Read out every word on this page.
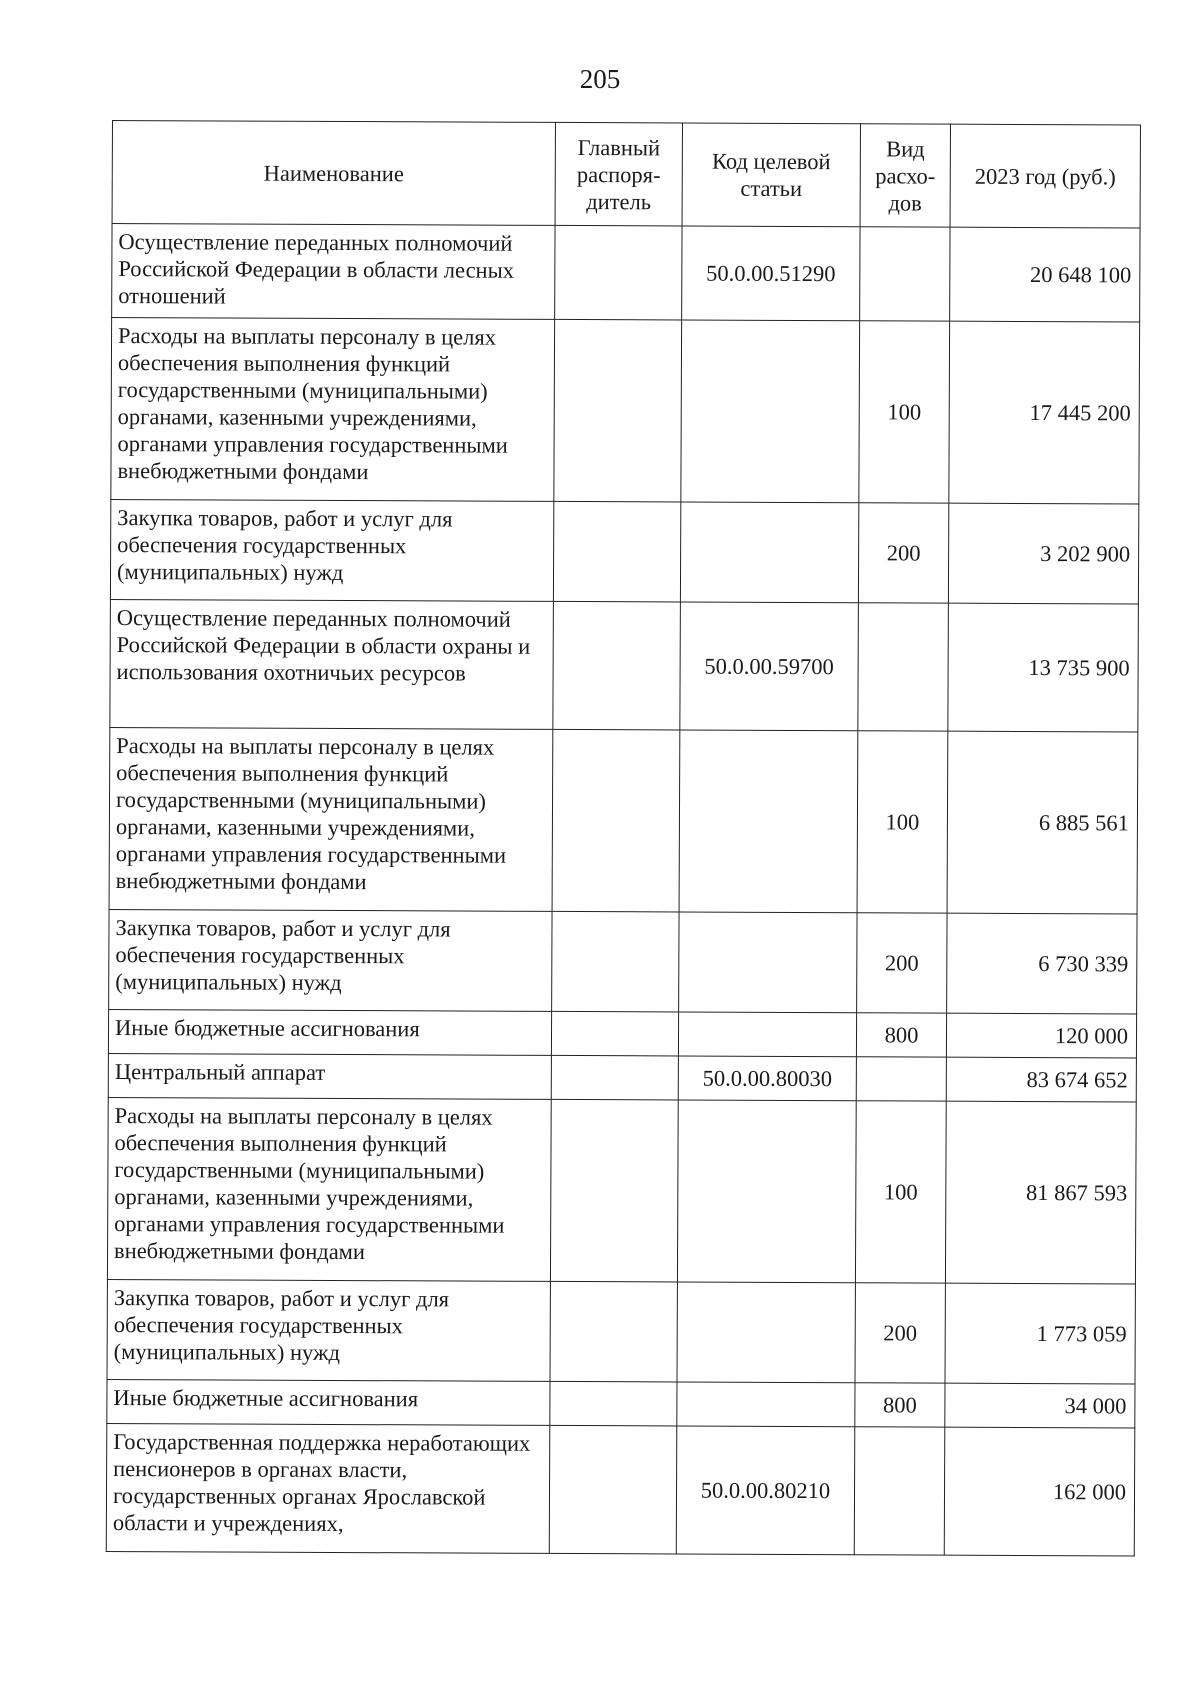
205
Наименование	Главный распоря-дитель	Код целевой статьи	Вид расхо-дов	2023 год (руб.)
Осуществление переданных полномочий Российской Федерации в области лесных отношений		50.0.00.51290		20 648 100
Расходы на выплаты персоналу в целях обеспечения выполнения функций государственными (муниципальными) органами, казенными учреждениями, органами управления государственными внебюджетными фондами			100	17 445 200
Закупка товаров, работ и услуг для обеспечения государственных (муниципальных) нужд			200	3 202 900
Осуществление переданных полномочий Российской Федерации в области охраны и использования охотничьих ресурсов		50.0.00.59700		13 735 900
Расходы на выплаты персоналу в целях обеспечения выполнения функций государственными (муниципальными) органами, казенными учреждениями, органами управления государственными внебюджетными фондами			100	6 885 561
Закупка товаров, работ и услуг для обеспечения государственных (муниципальных) нужд			200	6 730 339
Иные бюджетные ассигнования			800	120 000
Центральный аппарат		50.0.00.80030		83 674 652
Расходы на выплаты персоналу в целях обеспечения выполнения функций государственными (муниципальными) органами, казенными учреждениями, органами управления государственными внебюджетными фондами			100	81 867 593
Закупка товаров, работ и услуг для обеспечения государственных (муниципальных) нужд			200	1 773 059
Иные бюджетные ассигнования			800	34 000
Государственная поддержка неработающих пенсионеров в органах власти, государственных органах Ярославской области и учреждениях,		50.0.00.80210		162 000
